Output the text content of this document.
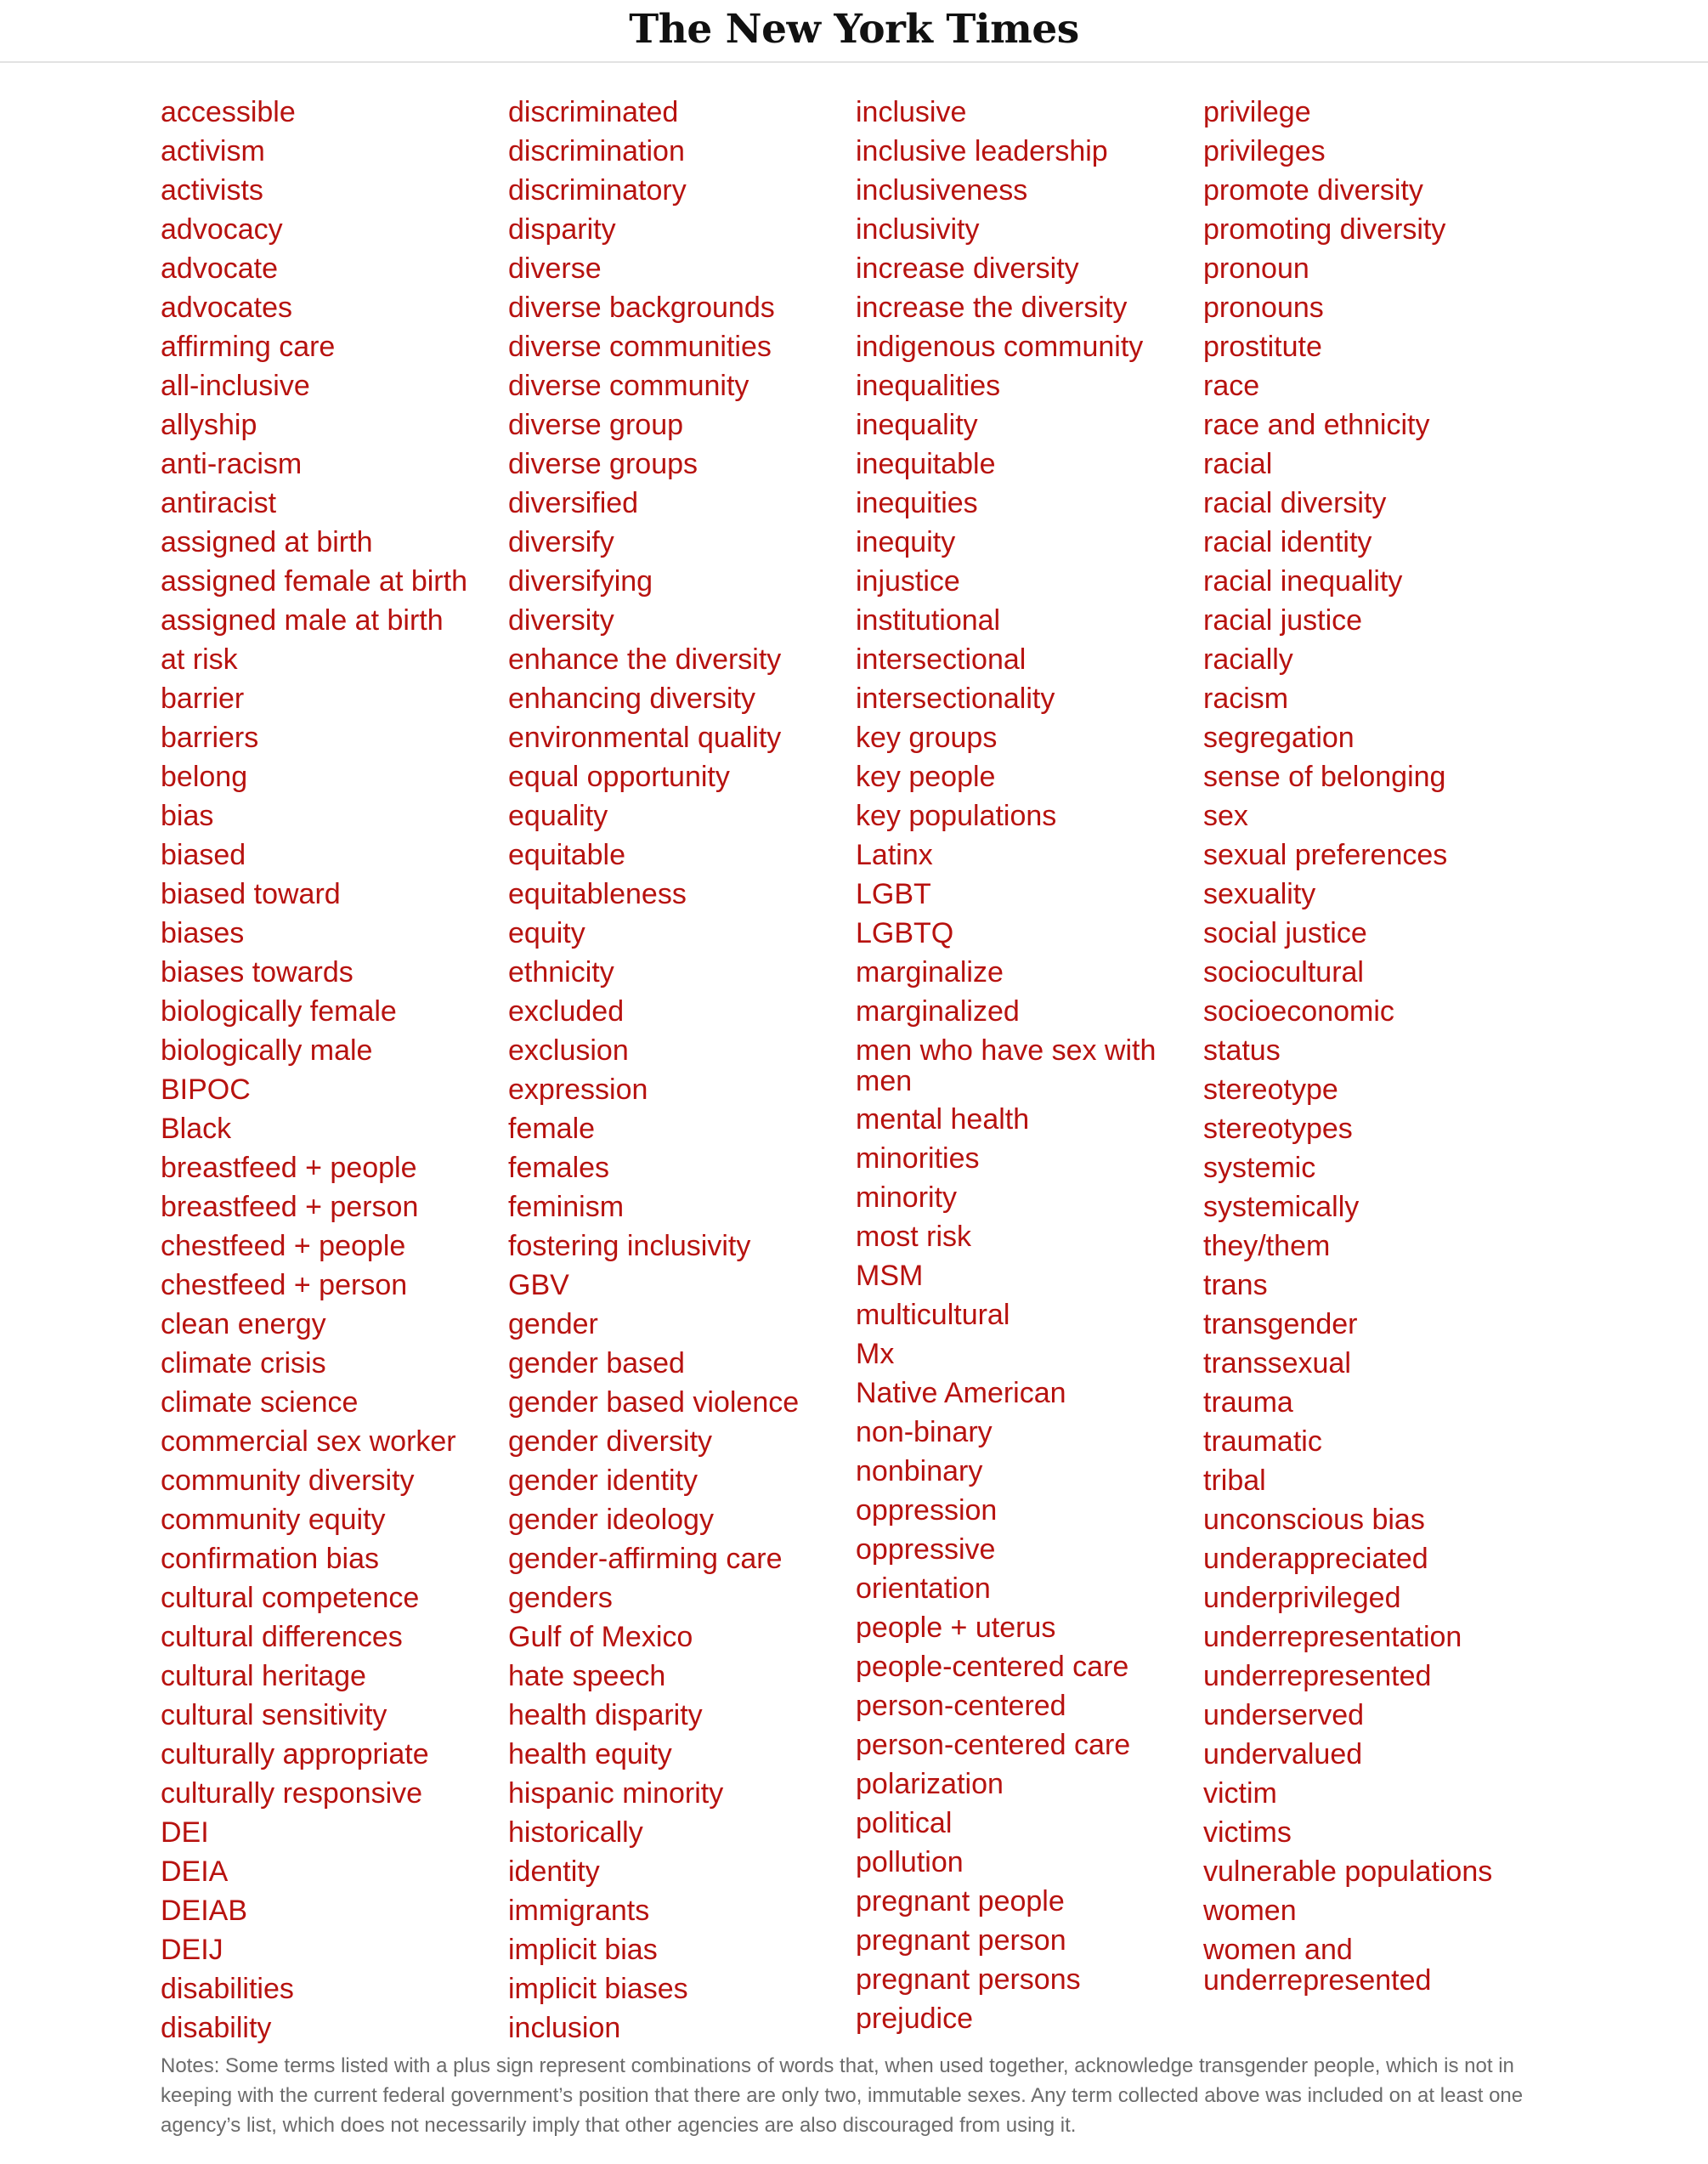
The New York Times
accessible
activism
activists
advocacy
advocate
advocates
affirming care
all-inclusive
allyship
anti-racism
antiracist
assigned at birth
assigned female at birth
assigned male at birth
at risk
barrier
barriers
belong
bias
biased
biased toward
biases
biases towards
biologically female
biologically male
BIPOC
Black
breastfeed + people
breastfeed + person
chestfeed + people
chestfeed + person
clean energy
climate crisis
climate science
commercial sex worker
community diversity
community equity
confirmation bias
cultural competence
cultural differences
cultural heritage
cultural sensitivity
culturally appropriate
culturally responsive
DEI
DEIA
DEIAB
DEIJ
disabilities
disability
discriminated
discrimination
discriminatory
disparity
diverse
diverse backgrounds
diverse communities
diverse community
diverse group
diverse groups
diversified
diversify
diversifying
diversity
enhance the diversity
enhancing diversity
environmental quality
equal opportunity
equality
equitable
equitableness
equity
ethnicity
excluded
exclusion
expression
female
females
feminism
fostering inclusivity
GBV
gender
gender based
gender based violence
gender diversity
gender identity
gender ideology
gender-affirming care
genders
Gulf of Mexico
hate speech
health disparity
health equity
hispanic minority
historically
identity
immigrants
implicit bias
implicit biases
inclusion
inclusive
inclusive leadership
inclusiveness
inclusivity
increase diversity
increase the diversity
indigenous community
inequalities
inequality
inequitable
inequities
inequity
injustice
institutional
intersectional
intersectionality
key groups
key people
key populations
Latinx
LGBT
LGBTQ
marginalize
marginalized
men who have sex with men
mental health
minorities
minority
most risk
MSM
multicultural
Mx
Native American
non-binary
nonbinary
oppression
oppressive
orientation
people + uterus
people-centered care
person-centered
person-centered care
polarization
political
pollution
pregnant people
pregnant person
pregnant persons
prejudice
privilege
privileges
promote diversity
promoting diversity
pronoun
pronouns
prostitute
race
race and ethnicity
racial
racial diversity
racial identity
racial inequality
racial justice
racially
racism
segregation
sense of belonging
sex
sexual preferences
sexuality
social justice
sociocultural
socioeconomic
status
stereotype
stereotypes
systemic
systemically
they/them
trans
transgender
transsexual
trauma
traumatic
tribal
unconscious bias
underappreciated
underprivileged
underrepresentation
underrepresented
underserved
undervalued
victim
victims
vulnerable populations
women
women and underrepresented

Notes: Some terms listed with a plus sign represent combinations of words that, when used together, acknowledge transgender people, which is not in keeping with the current federal government’s position that there are only two, immutable sexes. Any term collected above was included on at least one agency’s list, which does not necessarily imply that other agencies are also discouraged from using it.
